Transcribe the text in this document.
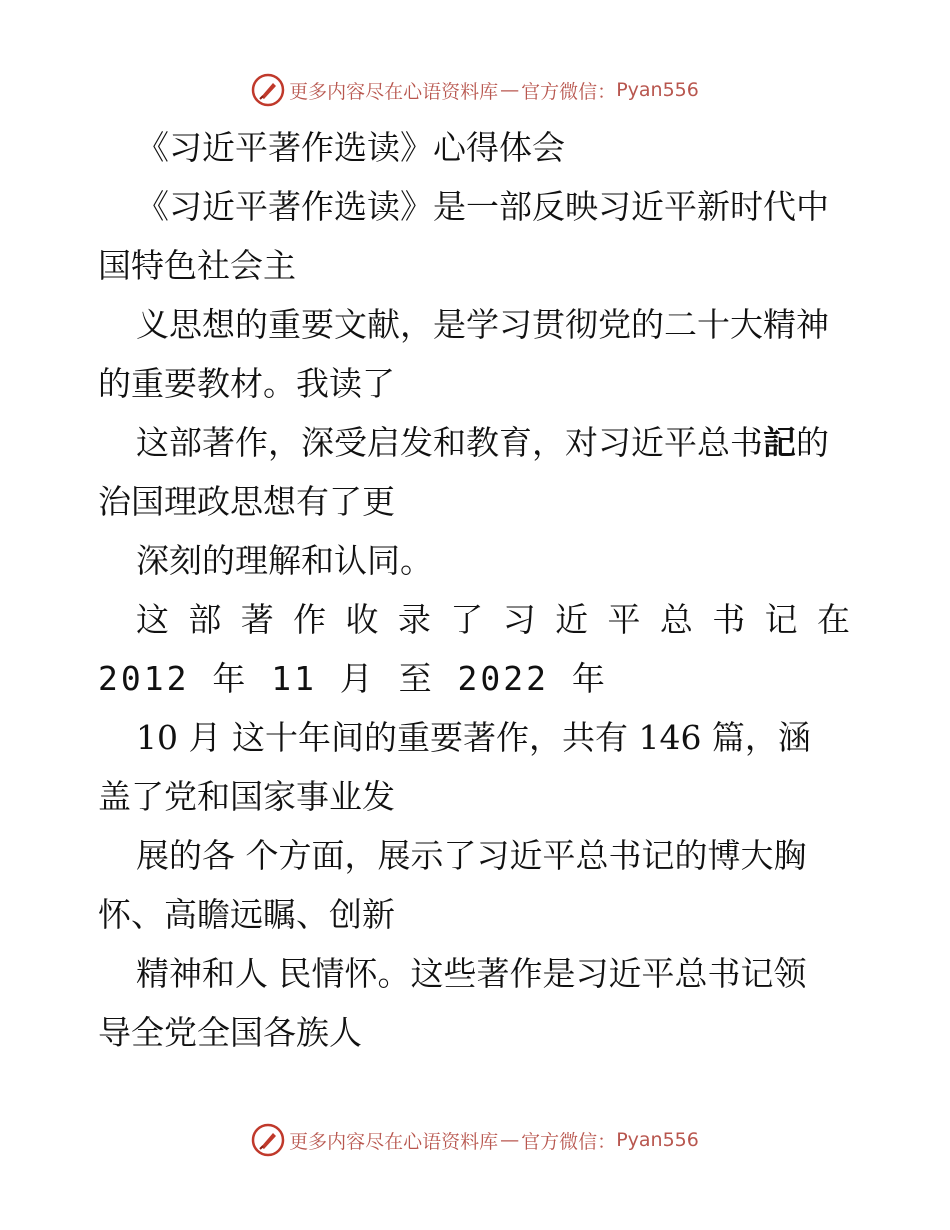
更多内容尽在心语资料库 — 官方微信： Pyan556
《习近平著作选读》心得体会
《习近平著作选读》是一部反映习近平新时代中
国特色社会主
义思想的重要文献，是学习贯彻党的二十大精神
的重要教材。我读了
这部著作，深受启发和教育，对习近平总书記的
治国理政思想有了更
深刻的理解和认同。
这部著作收录了习近平总书记在
2012 年 11 月 至 2022 年
10 月 这十年间的重要著作，共有 146 篇，涵
盖了党和国家事业发
展的各 个方面，展示了习近平总书记的博大胸
怀、高瞻远瞩、创新
精神和人 民情怀。这些著作是习近平总书记领
导全党全国各族人
更多内容尽在心语资料库 — 官方微信： Pyan556
